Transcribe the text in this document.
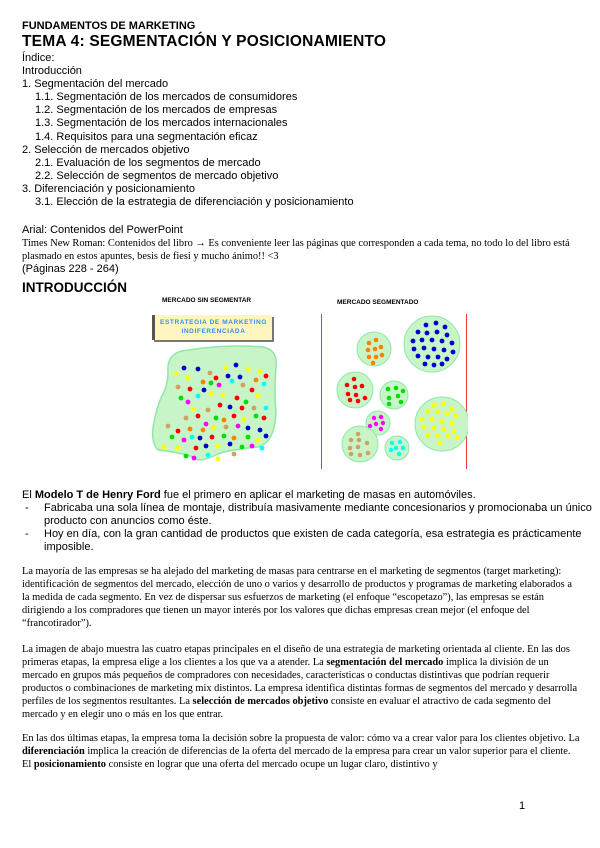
FUNDAMENTOS DE MARKETING
TEMA 4: SEGMENTACIÓN Y POSICIONAMIENTO
Índice:
Introducción
1. Segmentación del mercado
1.1. Segmentación de los mercados de consumidores
1.2. Segmentación de los mercados de empresas
1.3. Segmentación de los mercados internacionales
1.4. Requisitos para una segmentación eficaz
2. Selección de mercados objetivo
2.1. Evaluación de los segmentos de mercado
2.2. Selección de segmentos de mercado objetivo
3. Diferenciación y posicionamiento
3.1. Elección de la estrategia de diferenciación y posicionamiento
Arial: Contenidos del PowerPoint
Times New Roman: Contenidos del libro → Es conveniente leer las páginas que corresponden a cada tema, no todo lo del libro está plasmado en estos apuntes, besis de fiesi y mucho ánimo!! <3
(Páginas 228 - 264)
INTRODUCCIÓN
MERCADO SIN SEGMENTAR
ESTRATEGIA DE MARKETING
INDIFERENCIADA
MERCADO SEGMENTADO
El Modelo T de Henry Ford fue el primero en aplicar el marketing de masas en automóviles.
- Fabricaba una sola línea de montaje, distribuía masivamente mediante concesionarios y promocionaba un único producto con anuncios como éste.
- Hoy en día, con la gran cantidad de productos que existen de cada categoría, esa estrategia es prácticamente imposible.
La mayoría de las empresas se ha alejado del marketing de masas para centrarse en el marketing de segmentos (target marketing): identificación de segmentos del mercado, elección de uno o varios y desarrollo de productos y programas de marketing elaborados a la medida de cada segmento. En vez de dispersar sus esfuerzos de marketing (el enfoque “escopetazo”), las empresas se están dirigiendo a los compradores que tienen un mayor interés por los valores que dichas empresas crean mejor (el enfoque del “francotirador”).
La imagen de abajo muestra las cuatro etapas principales en el diseño de una estrategia de marketing orientada al cliente. En las dos primeras etapas, la empresa elige a los clientes a los que va a atender. La segmentación del mercado implica la división de un mercado en grupos más pequeños de compradores con necesidades, características o conductas distintivas que podrían requerir productos o combinaciones de marketing mix distintos. La empresa identifica distintas formas de segmentos del mercado y desarrolla perfiles de los segmentos resultantes. La selección de mercados objetivo consiste en evaluar el atractivo de cada segmento del mercado y en elegir uno o más en los que entrar.
En las dos últimas etapas, la empresa toma la decisión sobre la propuesta de valor: cómo va a crear valor para los clientes objetivo. La diferenciación implica la creación de diferencias de la oferta del mercado de la empresa para crear un valor superior para el cliente. El posicionamiento consiste en lograr que una oferta del mercado ocupe un lugar claro, distintivo y
1
